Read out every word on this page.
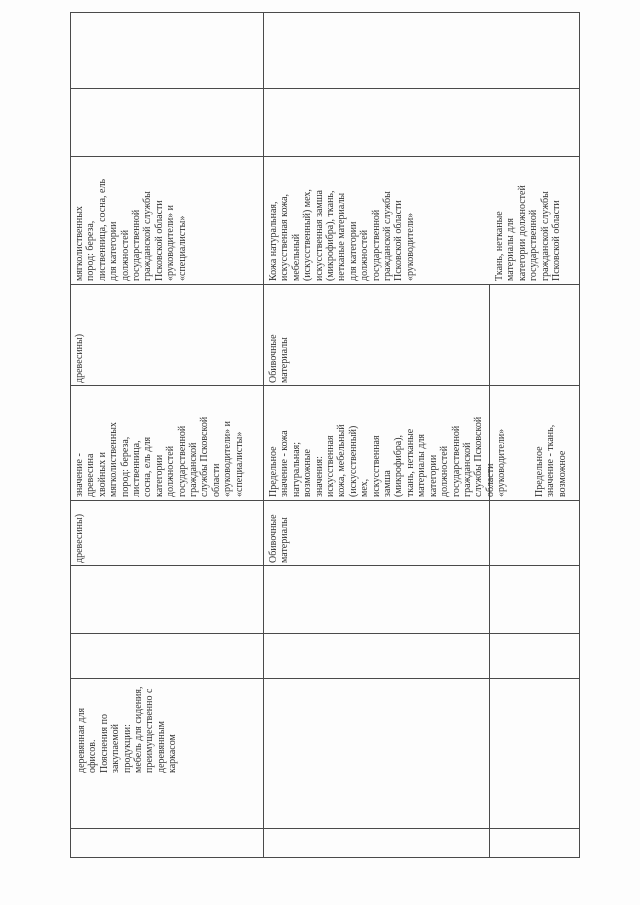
деревянная для офисов.
Пояснения по закупаемой продукции:
мебель для сидения, преимущественно с деревянным каркасом
древесины)
значение -
древесина
хвойных и
мягколиственных
пород: береза,
лиственница,
сосна, ель для
категории
должностей
государственной
гражданской
службы Псковской
области
«руководители» и
«специалисты»
древесины)
мягколиственных
пород: береза,
лиственница, сосна, ель
для категории
должностей
государственной
гражданской службы
Псковской области
«руководители» и
«специалисты»
Обивочные
материалы
Предельное
значение - кожа
натуральная;
возможные
значения:
искусственная
кожа, мебельный
(искусственный)
мех,
искусственная
замша
(микрофибра),
ткань, нетканые
материалы для
категории
должностей
государственной
гражданской
службы Псковской
области
«руководители»
Обивочные
материалы
Кожа натуральная,
искусственная кожа,
мебельный
(искусственный) мех,
искусственная замша
(микрофибра), ткань,
нетканые материалы
для категории
должностей
государственной
гражданской службы
Псковской области
«руководители»
Предельное
значение - ткань,
возможное
Ткань, нетканые
материалы для
категории должностей
государственной
гражданской службы
Псковской области
